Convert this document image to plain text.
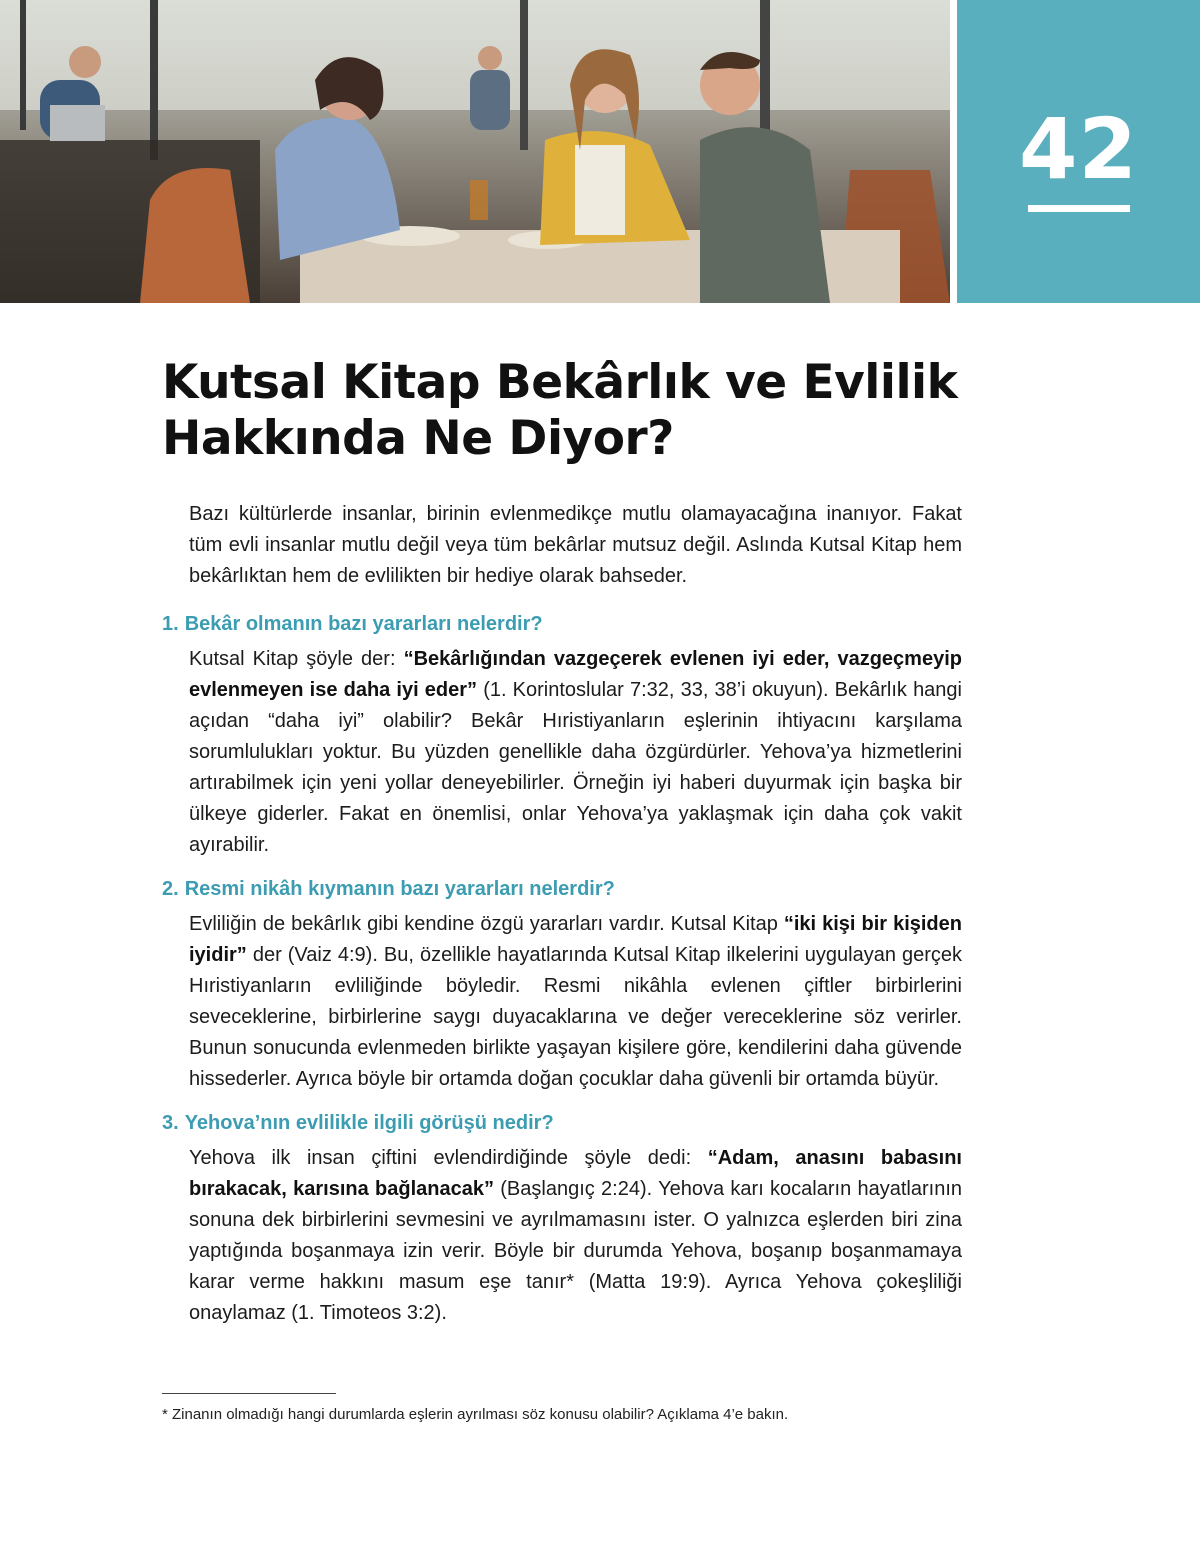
42
Kutsal Kitap Bekârlık ve Evlilik Hakkında Ne Diyor?

Bazı kültürlerde insanlar, birinin evlenmedikçe mutlu olamayacağına inanıyor. Fakat tüm evli insanlar mutlu değil veya tüm bekârlar mutsuz değil. Aslında Kutsal Kitap hem bekârlıktan hem de evlilikten bir hediye olarak bahseder.

1. Bekâr olmanın bazı yararları nelerdir?

Kutsal Kitap şöyle der: “Bekârlığından vazgeçerek evlenen iyi eder, vazgeçmeyip evlenmeyen ise daha iyi eder” (1. Korintoslular 7:32, 33, 38’i okuyun). Bekârlık hangi açıdan “daha iyi” olabilir? Bekâr Hıristiyanların eşlerinin ihtiyacını karşılama sorumlulukları yoktur. Bu yüzden genellikle daha özgürdürler. Yehova’ya hizmetlerini artırabilmek için yeni yollar deneyebilirler. Örneğin iyi haberi duyurmak için başka bir ülkeye giderler. Fakat en önemlisi, onlar Yehova’ya yaklaşmak için daha çok vakit ayırabilir.

2. Resmi nikâh kıymanın bazı yararları nelerdir?

Evliliğin de bekârlık gibi kendine özgü yararları vardır. Kutsal Kitap “iki kişi bir kişiden iyidir” der (Vaiz 4:9). Bu, özellikle hayatlarında Kutsal Kitap ilkelerini uygulayan gerçek Hıristiyanların evliliğinde böyledir. Resmi nikâhla evlenen çiftler birbirlerini seveceklerine, birbirlerine saygı duyacaklarına ve değer vereceklerine söz verirler. Bunun sonucunda evlenmeden birlikte yaşayan kişilere göre, kendilerini daha güvende hissederler. Ayrıca böyle bir ortamda doğan çocuklar daha güvenli bir ortamda büyür.

3. Yehova’nın evlilikle ilgili görüşü nedir?

Yehova ilk insan çiftini evlendirdiğinde şöyle dedi: “Adam, anasını babasını bırakacak, karısına bağlanacak” (Başlangıç 2:24). Yehova karı kocaların hayatlarının sonuna dek birbirlerini sevmesini ve ayrılmamasını ister. O yalnızca eşlerden biri zina yaptığında boşanmaya izin verir. Böyle bir durumda Yehova, boşanıp boşanmamaya karar verme hakkını masum eşe tanır* (Matta 19:9). Ayrıca Yehova çokeşliliği onaylamaz (1. Timoteos 3:2).

* Zinanın olmadığı hangi durumlarda eşlerin ayrılması söz konusu olabilir? Açıklama 4’e bakın.
